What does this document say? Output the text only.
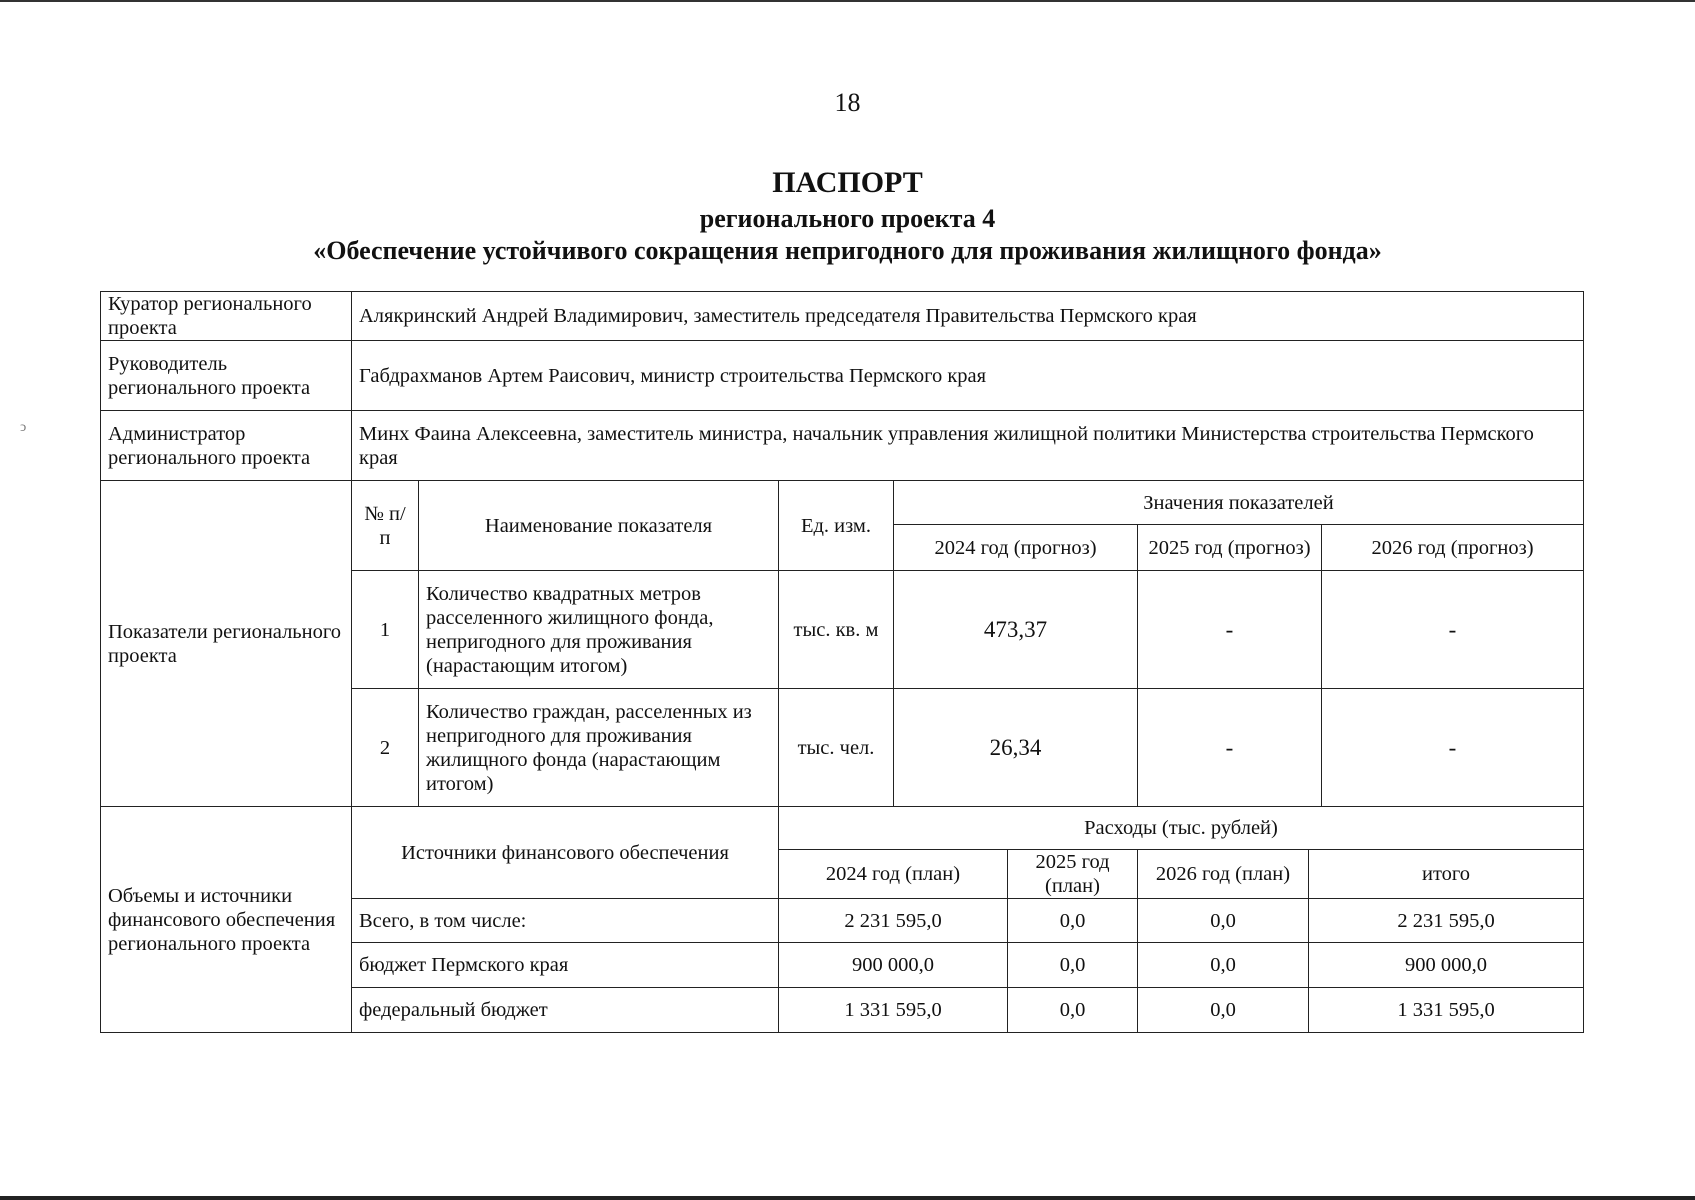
ↄ
18
ПАСПОРТ
регионального проекта 4
«Обеспечение устойчивого сокращения непригодного для проживания жилищного фонда»
Куратор регионального проекта	Алякринский Андрей Владимирович, заместитель председателя Правительства Пермского края							
Руководитель регионального проекта	Габдрахманов Артем Раисович, министр строительства Пермского края							
Администратор регионального проекта	Минх Фаина Алексеевна, заместитель министра, начальник управления жилищной политики Министерства строительства Пермского края							
Показатели регионального проекта	№ п/п	Наименование показателя	Ед. изм.	Значения показателей				
				2024 год (прогноз)		2025 год (прогноз)		2026 год (прогноз)
	1	Количество квадратных метров расселенного жилищного фонда, непригодного для проживания (нарастающим итогом)	тыс. кв. м	473,37		-		-
	2	Количество граждан, расселенных из непригодного для проживания жилищного фонда (нарастающим итогом)	тыс. чел.	26,34		-		-
Объемы и источники финансового обеспечения регионального проекта	Источники финансового обеспечения		Расходы (тыс. рублей)					
			2024 год (план)		2025 год (план)	2026 год (план)	итого	
	Всего, в том числе:		2 231 595,0		0,0	0,0	2 231 595,0	
	бюджет Пермского края		900 000,0		0,0	0,0	900 000,0	
	федеральный бюджет		1 331 595,0		0,0	0,0	1 331 595,0	
